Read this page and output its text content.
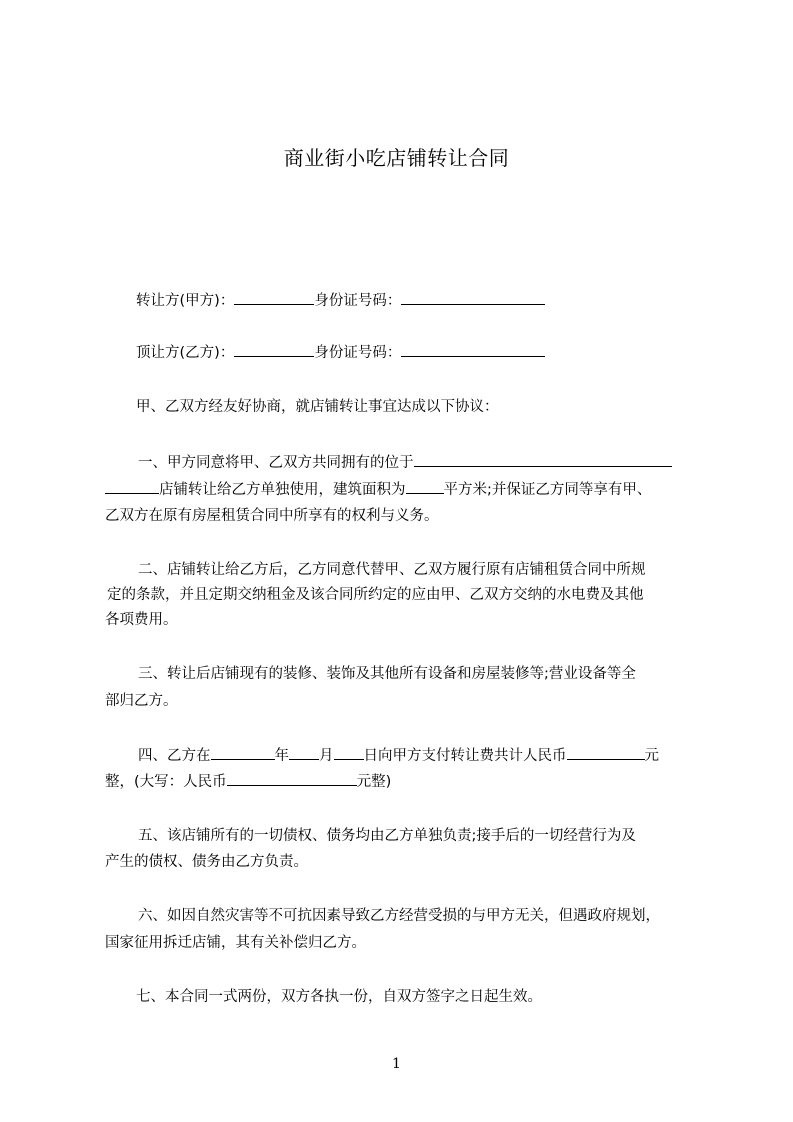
商业街小吃店铺转让合同
转让方(甲方)：	身份证号码：
顶让方(乙方)：	身份证号码：
甲、乙双方经友好协商，就店铺转让事宜达成以下协议：
一、甲方同意将甲、乙双方共同拥有的位于
店铺转让给乙方单独使用，建筑面积为	平方米;并保证乙方同等享有甲、
乙双方在原有房屋租赁合同中所享有的权利与义务。
二、店铺转让给乙方后，乙方同意代替甲、乙双方履行原有店铺租赁合同中所规
定的条款，并且定期交纳租金及该合同所约定的应由甲、乙双方交纳的水电费及其他
各项费用。
三、转让后店铺现有的装修、装饰及其他所有设备和房屋装修等;营业设备等全
部归乙方。
四、乙方在	年 月 日向甲方支付转让费共计人民币	元
整，(大写：人民币	元整)
五、该店铺所有的一切债权、债务均由乙方单独负责;接手后的一切经营行为及
产生的债权、债务由乙方负责。
六、如因自然灾害等不可抗因素导致乙方经营受损的与甲方无关，但遇政府规划，
国家征用拆迁店铺，其有关补偿归乙方。
七、本合同一式两份，双方各执一份，自双方签字之日起生效。
1
